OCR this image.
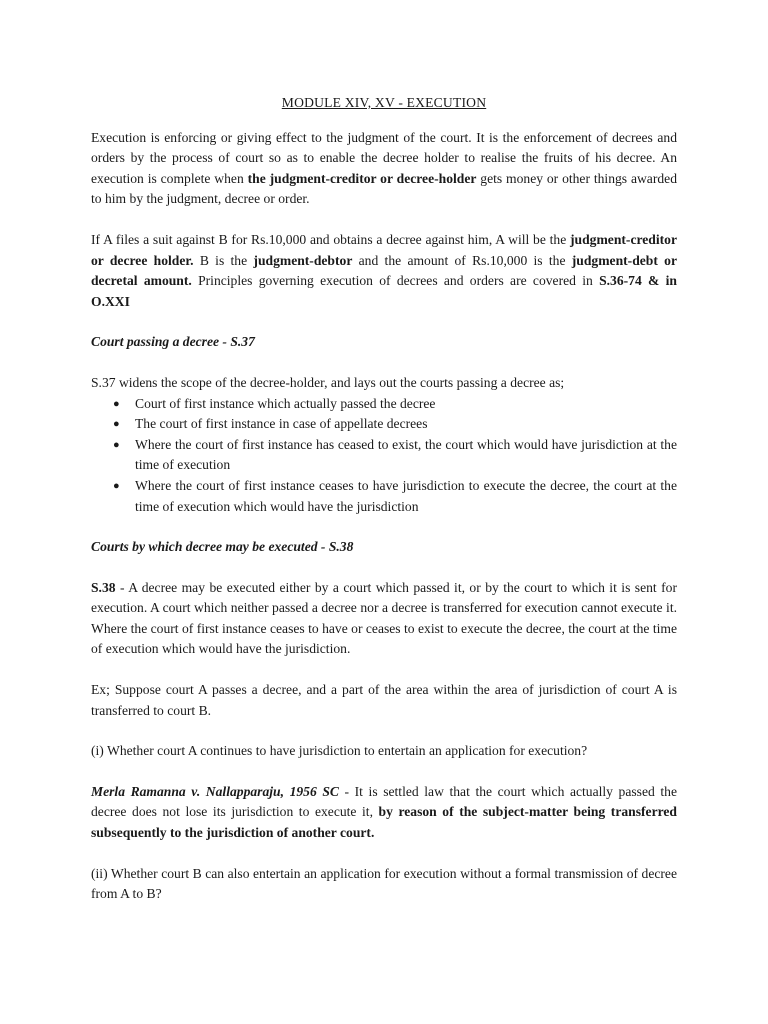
MODULE XIV, XV - EXECUTION

Execution is enforcing or giving effect to the judgment of the court. It is the enforcement of decrees and orders by the process of court so as to enable the decree holder to realise the fruits of his decree. An execution is complete when the judgment-creditor or decree-holder gets money or other things awarded to him by the judgment, decree or order.

If A files a suit against B for Rs.10,000 and obtains a decree against him, A will be the judgment-creditor or decree holder. B is the judgment-debtor and the amount of Rs.10,000 is the judgment-debt or decretal amount. Principles governing execution of decrees and orders are covered in S.36-74 & in O.XXI

Court passing a decree - S.37

S.37 widens the scope of the decree-holder, and lays out the courts passing a decree as;

● Court of first instance which actually passed the decree
● The court of first instance in case of appellate decrees
● Where the court of first instance has ceased to exist, the court which would have jurisdiction at the time of execution
● Where the court of first instance ceases to have jurisdiction to execute the decree, the court at the time of execution which would have the jurisdiction
Courts by which decree may be executed - S.38

S.38 - A decree may be executed either by a court which passed it, or by the court to which it is sent for execution. A court which neither passed a decree nor a decree is transferred for execution cannot execute it. Where the court of first instance ceases to have or ceases to exist to execute the decree, the court at the time of execution which would have the jurisdiction.

Ex; Suppose court A passes a decree, and a part of the area within the area of jurisdiction of court A is transferred to court B.

(i) Whether court A continues to have jurisdiction to entertain an application for execution?

Merla Ramanna v. Nallapparaju, 1956 SC - It is settled law that the court which actually passed the decree does not lose its jurisdiction to execute it, by reason of the subject-matter being transferred subsequently to the jurisdiction of another court.

(ii) Whether court B can also entertain an application for execution without a formal transmission of decree from A to B?
